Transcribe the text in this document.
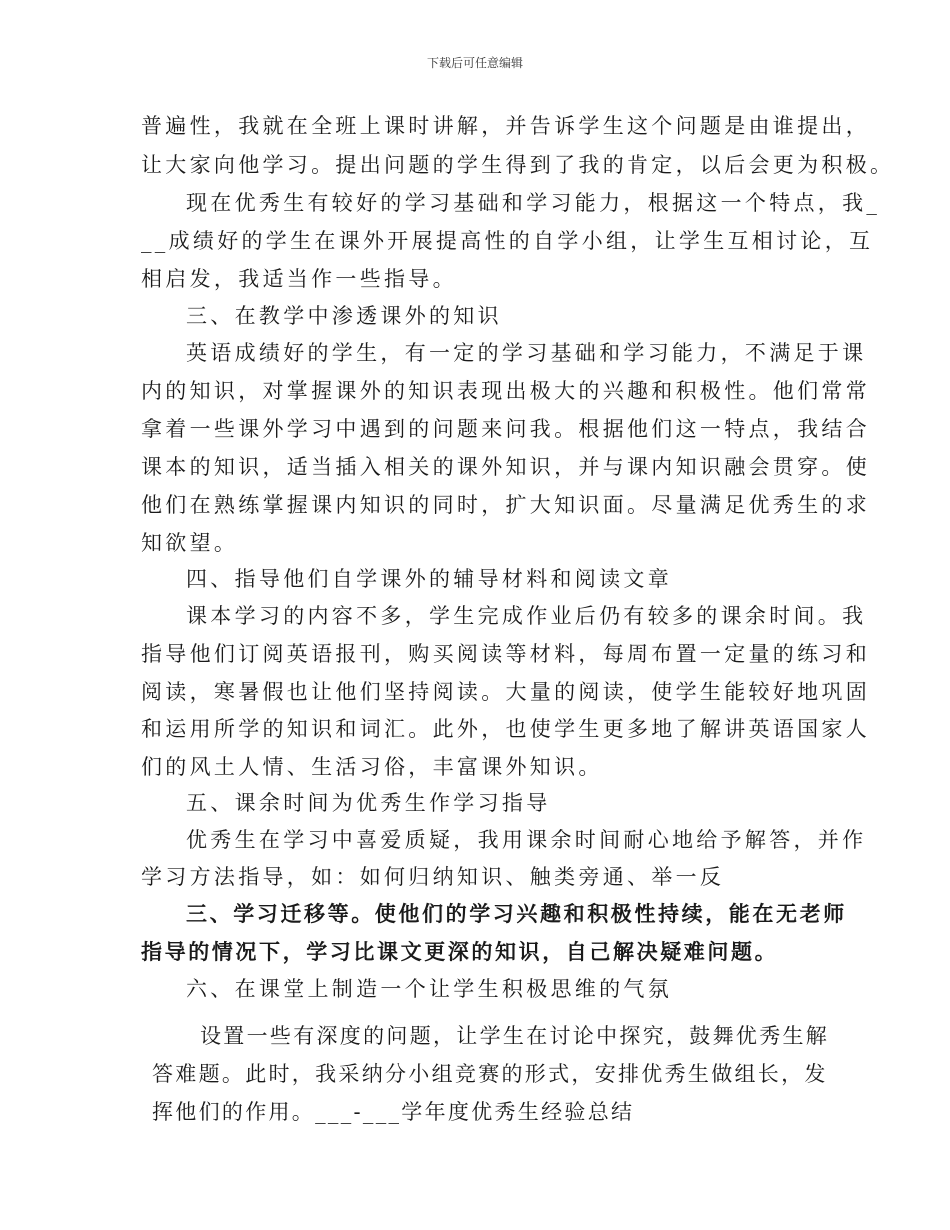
下载后可任意编辑
普遍性，我就在全班上课时讲解，并告诉学生这个问题是由谁提出，
让大家向他学习。提出问题的学生得到了我的肯定，以后会更为积极。
现在优秀生有较好的学习基础和学习能力，根据这一个特点，我_
__成绩好的学生在课外开展提高性的自学小组，让学生互相讨论，互
相启发，我适当作一些指导。
三、在教学中渗透课外的知识
英语成绩好的学生，有一定的学习基础和学习能力，不满足于课
内的知识，对掌握课外的知识表现出极大的兴趣和积极性。他们常常
拿着一些课外学习中遇到的问题来问我。根据他们这一特点，我结合
课本的知识，适当插入相关的课外知识，并与课内知识融会贯穿。使
他们在熟练掌握课内知识的同时，扩大知识面。尽量满足优秀生的求
知欲望。
四、指导他们自学课外的辅导材料和阅读文章
课本学习的内容不多，学生完成作业后仍有较多的课余时间。我
指导他们订阅英语报刊，购买阅读等材料，每周布置一定量的练习和
阅读，寒暑假也让他们坚持阅读。大量的阅读，使学生能较好地巩固
和运用所学的知识和词汇。此外，也使学生更多地了解讲英语国家人
们的风土人情、生活习俗，丰富课外知识。
五、课余时间为优秀生作学习指导
优秀生在学习中喜爱质疑，我用课余时间耐心地给予解答，并作
学习方法指导，如：如何归纳知识、触类旁通、举一反
三、学习迁移等。使他们的学习兴趣和积极性持续，能在无老师
指导的情况下，学习比课文更深的知识，自己解决疑难问题。
六、在课堂上制造一个让学生积极思维的气氛
设置一些有深度的问题，让学生在讨论中探究，鼓舞优秀生解
答难题。此时，我采纳分小组竞赛的形式，安排优秀生做组长，发
挥他们的作用。___-___学年度优秀生经验总结
